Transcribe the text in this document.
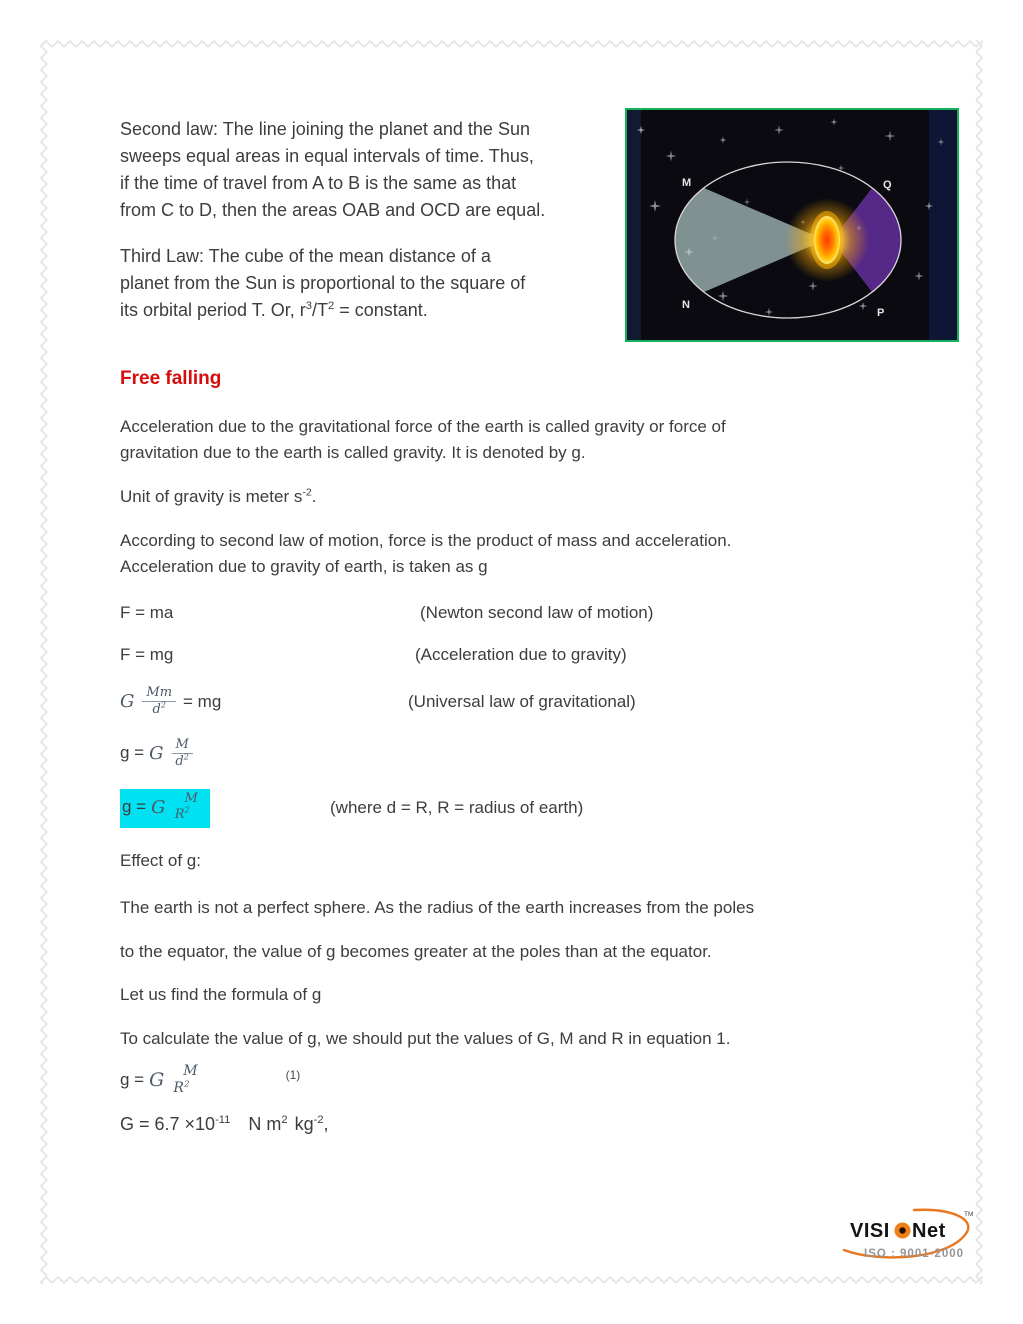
M
N
Q
P

Second law: The line joining the planet and the Sun
sweeps equal areas in equal intervals of time. Thus,
if the time of travel from A to B is the same as that
from C to D, then the areas OAB and OCD are equal.

Third Law: The cube of the mean distance of a
planet from the Sun is proportional to the square of
its orbital period T. Or, $r^3/T^2$ = constant.

Free falling

Acceleration due to the gravitational force of the earth is called gravity or force of
gravitation due to the earth is called gravity. It is denoted by g.

Unit of gravity is meter $s^{-2}$.

According to second law of motion, force is the product of mass and acceleration.
Acceleration due to gravity of earth, is taken as g

F = ma	(Newton second law of motion)
F = mg	(Acceleration due to gravity)
G $\frac{Mm}{d^2}$ = mg	(Universal law of gravitational)
g = G $\frac{M}{d^2}$
g = G	M
$R^2$	(where d = R, R = radius of earth)

Effect of g:

The earth is not a perfect sphere. As the radius of the earth increases from the poles

to the equator, the value of g becomes greater at the poles than at the equator.

Let us find the formula of g

To calculate the value of g, we should put the values of G, M and R in equation 1.

g = G M
$R^2$
(1)

$G = 6.7 \times 10^{-11}$ N $m^2$ $kg^{-2}$,

VISI Net
TM
ISO : 9001-2000
